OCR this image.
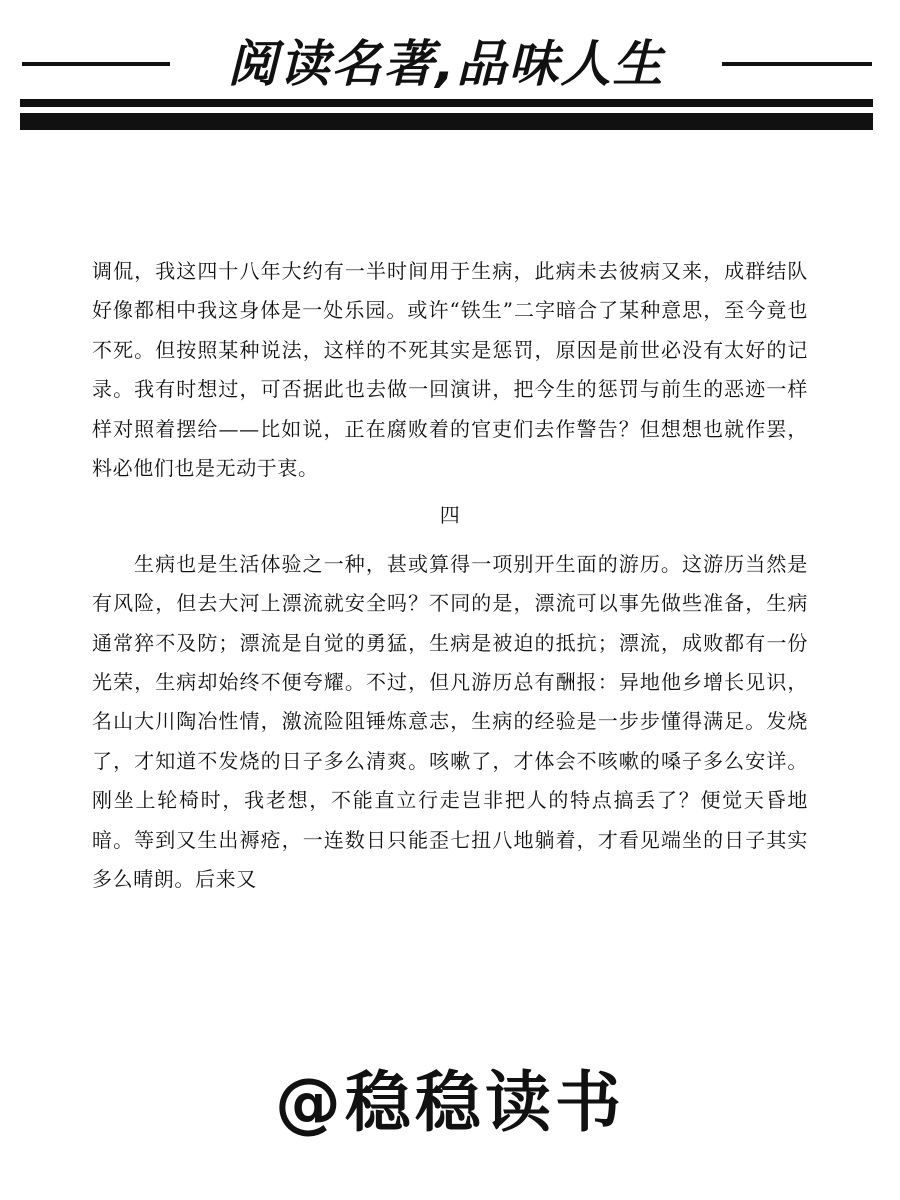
阅读名著,品味人生

调侃，我这四十八年大约有一半时间用于生病，此病未去彼病又来，成群结队好像都相中我这身体是一处乐园。或许“铁生”二字暗合了某种意思，至今竟也不死。但按照某种说法，这样的不死其实是惩罚，原因是前世必没有太好的记录。我有时想过，可否据此也去做一回演讲，把今生的惩罚与前生的恶迹一样样对照着摆给——比如说，正在腐败着的官吏们去作警告？但想想也就作罢，料必他们也是无动于衷。

四

生病也是生活体验之一种，甚或算得一项别开生面的游历。这游历当然是有风险，但去大河上漂流就安全吗？不同的是，漂流可以事先做些准备，生病通常猝不及防；漂流是自觉的勇猛，生病是被迫的抵抗；漂流，成败都有一份光荣，生病却始终不便夸耀。不过，但凡游历总有酬报：异地他乡增长见识，名山大川陶冶性情，激流险阻锤炼意志，生病的经验是一步步懂得满足。发烧了，才知道不发烧的日子多么清爽。咳嗽了，才体会不咳嗽的嗓子多么安详。刚坐上轮椅时，我老想，不能直立行走岂非把人的特点搞丢了？便觉天昏地暗。等到又生出褥疮，一连数日只能歪七扭八地躺着，才看见端坐的日子其实多么晴朗。后来又

@稳稳读书
